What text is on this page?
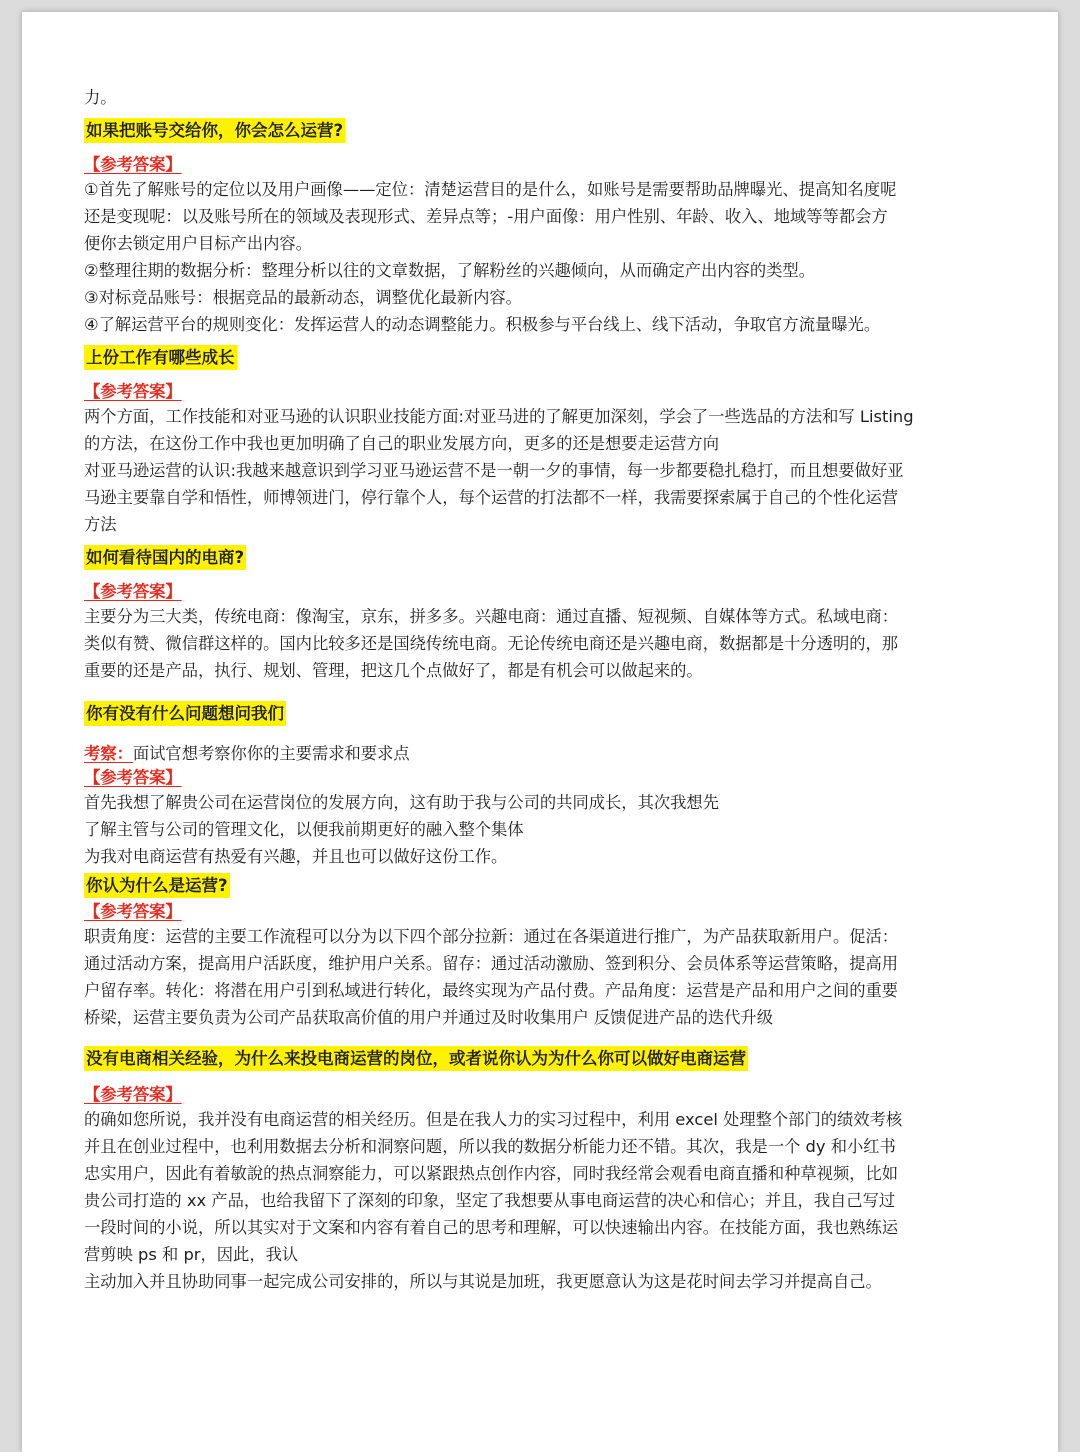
力。
如果把账号交给你，你会怎么运营?
【参考答案】
①首先了解账号的定位以及用户画像——定位：清楚运营目的是什么，如账号是需要帮助品牌曝光、提高知名度呢
还是变现呢：以及账号所在的领域及表现形式、差异点等；-用户面像：用户性别、年龄、收入、地域等等都会方
便你去锁定用户目标产出内容。
②整理往期的数据分析：整理分析以往的文章数据，了解粉丝的兴趣倾向，从而确定产出内容的类型。
③对标竞品账号：根据竞品的最新动态，调整优化最新内容。
④了解运营平台的规则变化：发挥运营人的动态调整能力。积极参与平台线上、线下活动，争取官方流量曝光。
上份工作有哪些成长
【参考答案】
两个方面，工作技能和对亚马逊的认识职业技能方面:对亚马进的了解更加深刻，学会了一些选品的方法和写 Listing
的方法，在这份工作中我也更加明确了自己的职业发展方向，更多的还是想要走运营方向
对亚马逊运营的认识:我越来越意识到学习亚马逊运营不是一朝一夕的事情，每一步都要稳扎稳打，而且想要做好亚
马逊主要靠自学和悟性，师博领进门，停行靠个人，每个运营的打法都不一样，我需要探索属于自己的个性化运营
方法
如何看待国内的电商?
【参考答案】
主要分为三大类，传统电商：像淘宝，京东，拼多多。兴趣电商：通过直播、短视频、自媒体等方式。私域电商：
类似有赞、微信群这样的。国内比较多还是国绕传统电商。无论传统电商还是兴趣电商，数据都是十分透明的，那
重要的还是产品，执行、规划、管理，把这几个点做好了，都是有机会可以做起来的。
你有没有什么问题想问我们
考察：面试官想考察你你的主要需求和要求点
【参考答案】
首先我想了解贵公司在运营岗位的发展方向，这有助于我与公司的共同成长，其次我想先
了解主管与公司的管理文化，以便我前期更好的融入整个集体
为我对电商运营有热爱有兴趣，并且也可以做好这份工作。
你认为什么是运营?
【参考答案】
职责角度：运营的主要工作流程可以分为以下四个部分拉新：通过在各渠道进行推广，为产品获取新用户。促活：
通过活动方案，提高用户活跃度，维护用户关系。留存：通过活动激励、签到积分、会员体系等运营策略，提高用
户留存率。转化：将潜在用户引到私域进行转化，最终实现为产品付费。产品角度：运营是产品和用户之间的重要
桥梁，运营主要负责为公司产品获取高价值的用户并通过及时收集用户 反馈促进产品的迭代升级
没有电商相关经验，为什么来投电商运营的岗位，或者说你认为为什么你可以做好电商运营
【参考答案】
的确如您所说，我并没有电商运营的相关经历。但是在我人力的实习过程中，利用 excel 处理整个部门的绩效考核
并且在创业过程中，也利用数据去分析和洞察问题，所以我的数据分析能力还不错。其次，我是一个 dy 和小红书
忠实用户，因此有着敏說的热点洞察能力，可以紧跟热点创作内容，同时我经常会观看电商直播和种草视频，比如
贵公司打造的 xx 产品，也给我留下了深刻的印象，坚定了我想要从事电商运营的决心和信心；并且，我自己写过
一段时间的小说，所以其实对于文案和内容有着自己的思考和理解，可以快速输出内容。在技能方面，我也熟练运
营剪映 ps 和 pr，因此，我认
主动加入并且协助同事一起完成公司安排的，所以与其说是加班，我更愿意认为这是花时间去学习并提高自己。
